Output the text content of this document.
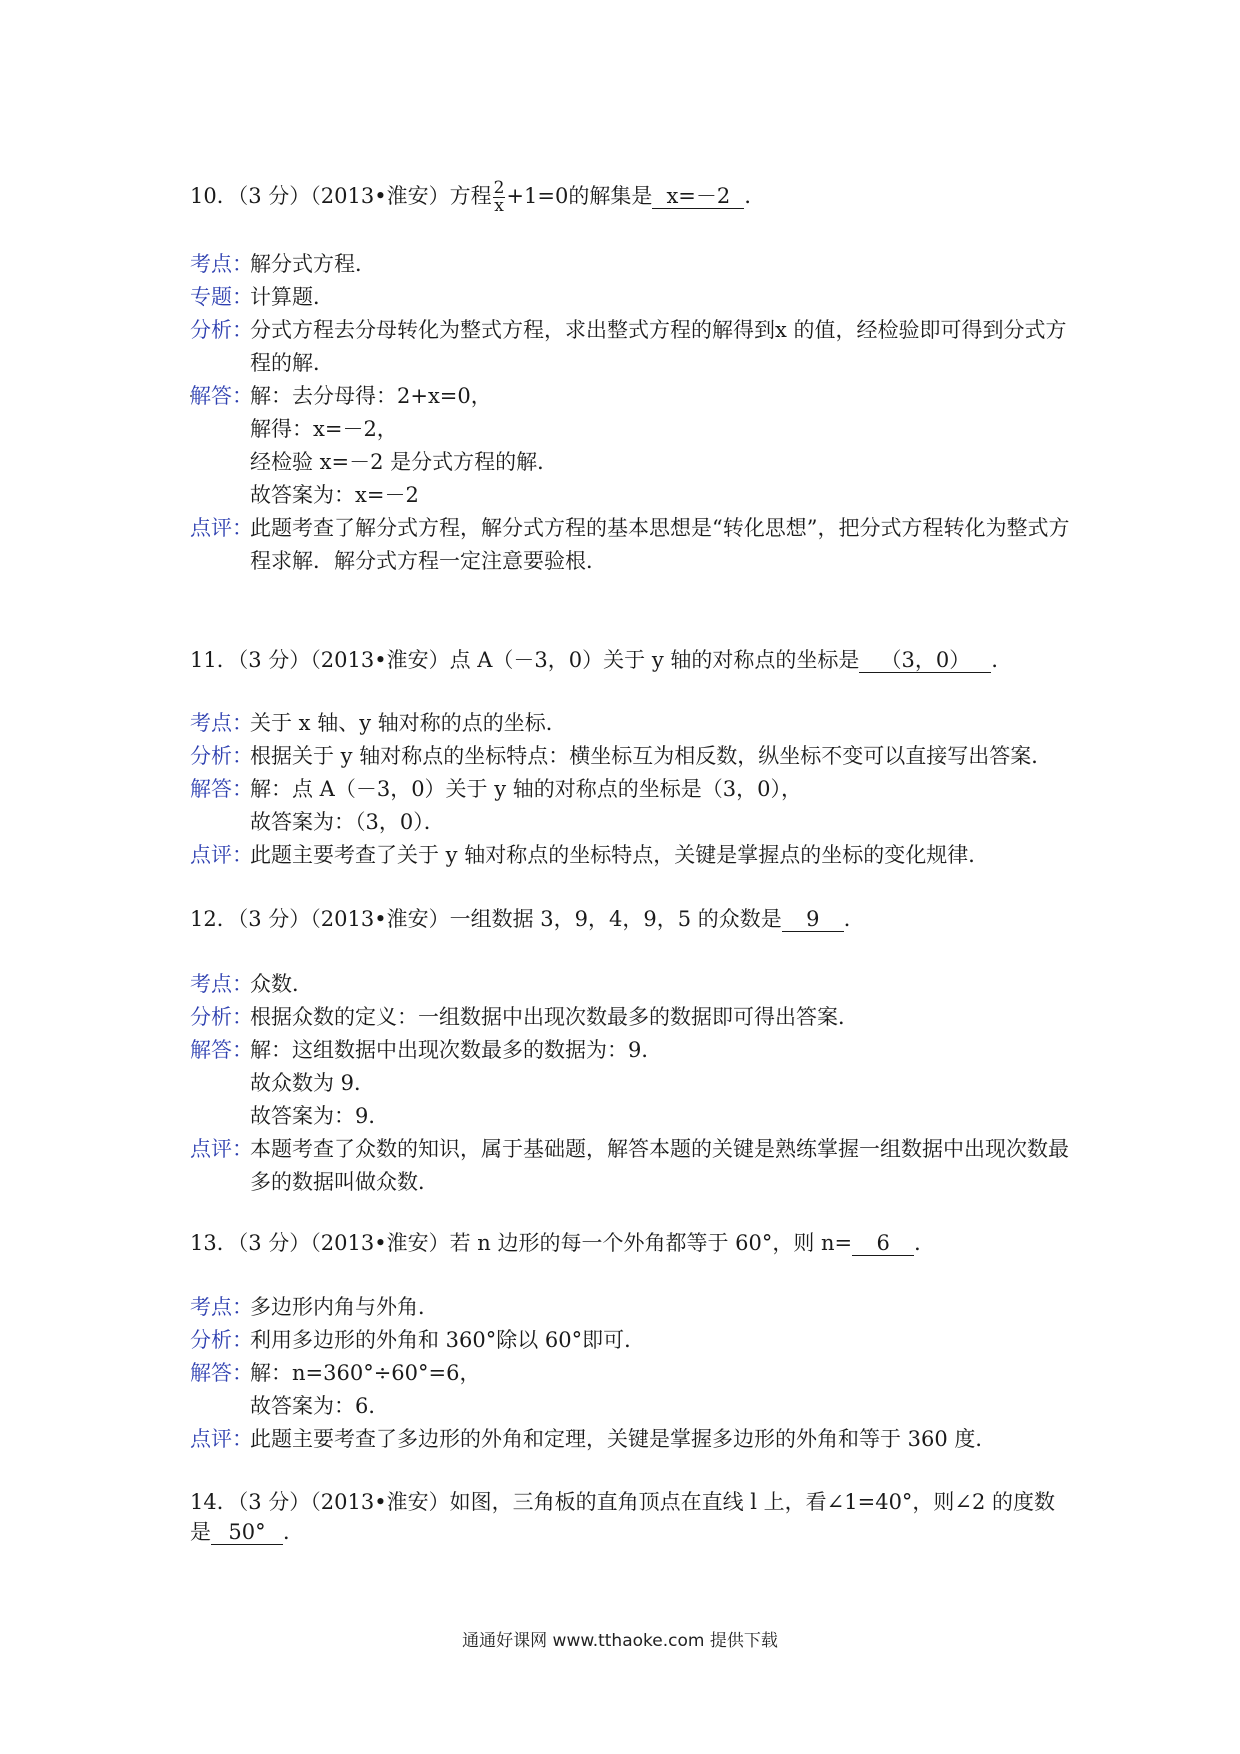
10．（3 分）（2013•淮安）方程 $\frac{2}{x} +1=0$的解集是 x=－2 ．
考点：
解分式方程．
专题：
计算题．
分析：
分式方程去分母转化为整式方程，求出整式方程的解得到x 的值，经检验即可得到分式方程的解．
解答：
解：去分母得：2+x=0，
解得：x=－2，
经检验 x=－2 是分式方程的解．
故答案为：x=－2
点评：
此题考查了解分式方程，解分式方程的基本思想是“转化思想”，把分式方程转化为整式方程求解．解分式方程一定注意要验根．
11．（3 分）（2013•淮安）点 A（－3，0）关于 y 轴的对称点的坐标是 （3，0） ．
考点：
关于 x 轴、y 轴对称的点的坐标．
分析：
根据关于 y 轴对称点的坐标特点：横坐标互为相反数，纵坐标不变可以直接写出答案．
解答：
解：点 A（－3，0）关于 y 轴的对称点的坐标是（3，0），
故答案为：（3，0）．
点评：
此题主要考查了关于 y 轴对称点的坐标特点，关键是掌握点的坐标的变化规律．
12．（3 分）（2013•淮安）一组数据 3，9，4，9，5 的众数是 9 ．
考点：
众数．
分析：
根据众数的定义：一组数据中出现次数最多的数据即可得出答案．
解答：
解：这组数据中出现次数最多的数据为：9．
故众数为 9．
故答案为：9．
点评：
本题考查了众数的知识，属于基础题，解答本题的关键是熟练掌握一组数据中出现次数最多的数据叫做众数．
13．（3 分）（2013•淮安）若 n 边形的每一个外角都等于 60°，则 n= 6 ．
考点：
多边形内角与外角．
分析：
利用多边形的外角和 360°除以 60°即可．
解答：
解：n=360°÷60°=6，
故答案为：6．
点评：
此题主要考查了多边形的外角和定理，关键是掌握多边形的外角和等于 360 度．
14．（3 分）（2013•淮安）如图，三角板的直角顶点在直线 l 上，看∠1=40°，则∠2 的度数
是 50° ．
通通好课网 www.tthaoke.com 提供下载
